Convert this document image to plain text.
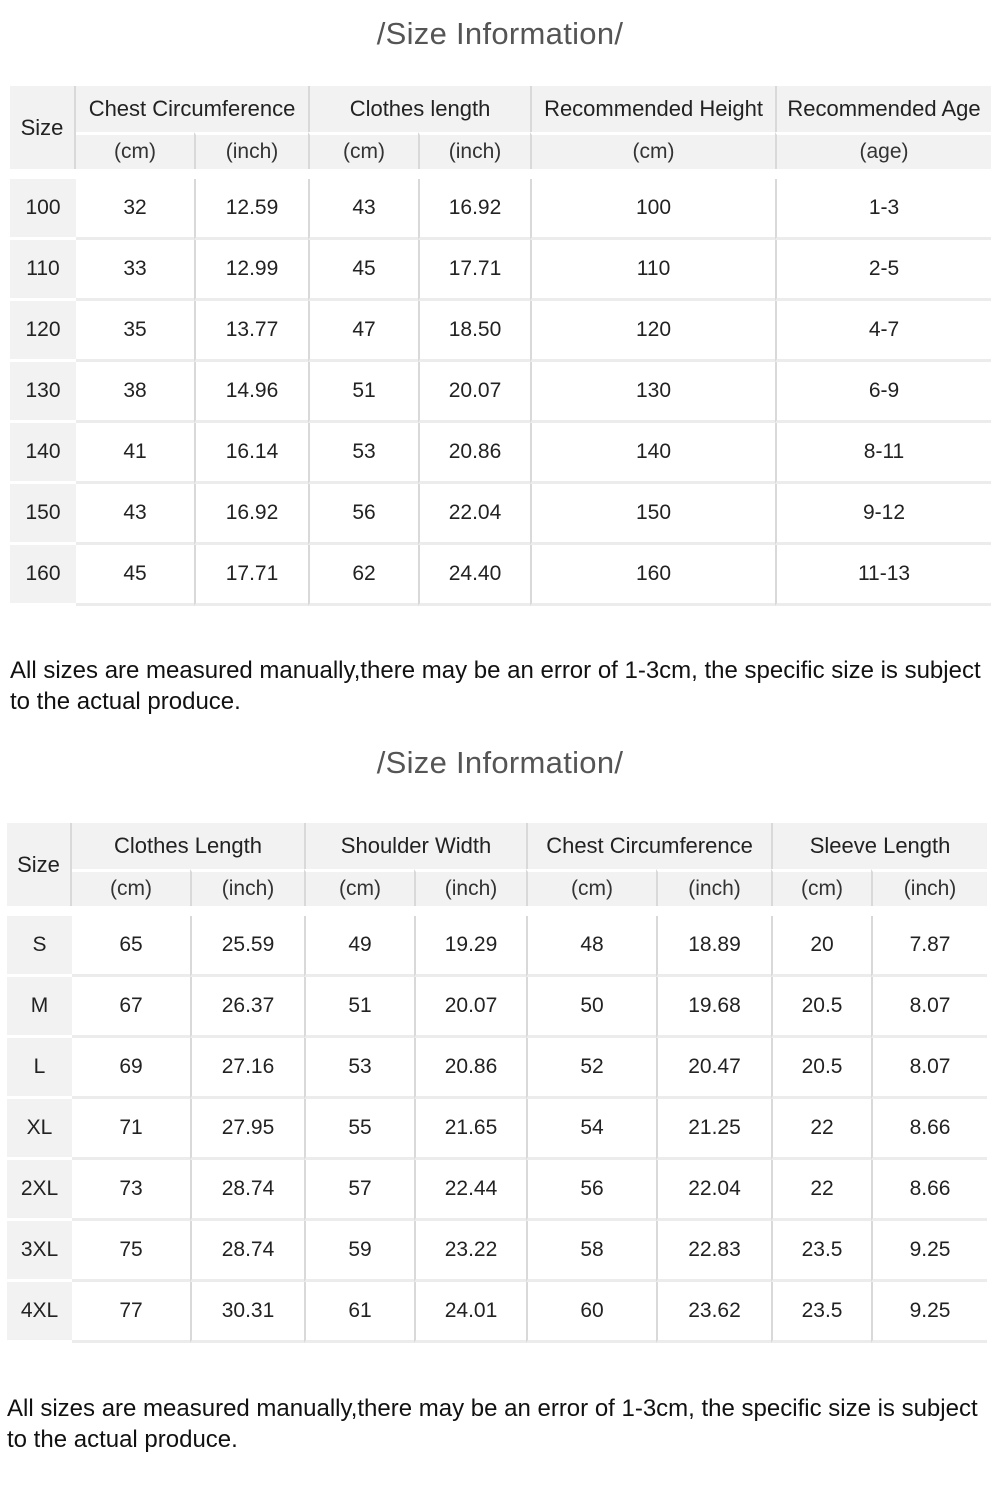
/Size Information/
Size	Chest Circumference		Clothes length		Recommended Height	Recommended Age
	(cm)	(inch)	(cm)	(inch)	(cm)	(age)

100	32	12.59	43	16.92	100	1-3
110	33	12.99	45	17.71	110	2-5
120	35	13.77	47	18.50	120	4-7
130	38	14.96	51	20.07	130	6-9
140	41	16.14	53	20.86	140	8-11
150	43	16.92	56	22.04	150	9-12
160	45	17.71	62	24.40	160	11-13
All sizes are measured manually,there may be an error of 1-3cm, the specific size is subject to the actual produce.
/Size Information/
Size	Clothes Length		Shoulder Width		Chest Circumference		Sleeve Length	
	(cm)	(inch)	(cm)	(inch)	(cm)	(inch)	(cm)	(inch)

S	65	25.59	49	19.29	48	18.89	20	7.87
M	67	26.37	51	20.07	50	19.68	20.5	8.07
L	69	27.16	53	20.86	52	20.47	20.5	8.07
XL	71	27.95	55	21.65	54	21.25	22	8.66
2XL	73	28.74	57	22.44	56	22.04	22	8.66
3XL	75	28.74	59	23.22	58	22.83	23.5	9.25
4XL	77	30.31	61	24.01	60	23.62	23.5	9.25
All sizes are measured manually,there may be an error of 1-3cm, the specific size is subject to the actual produce.
